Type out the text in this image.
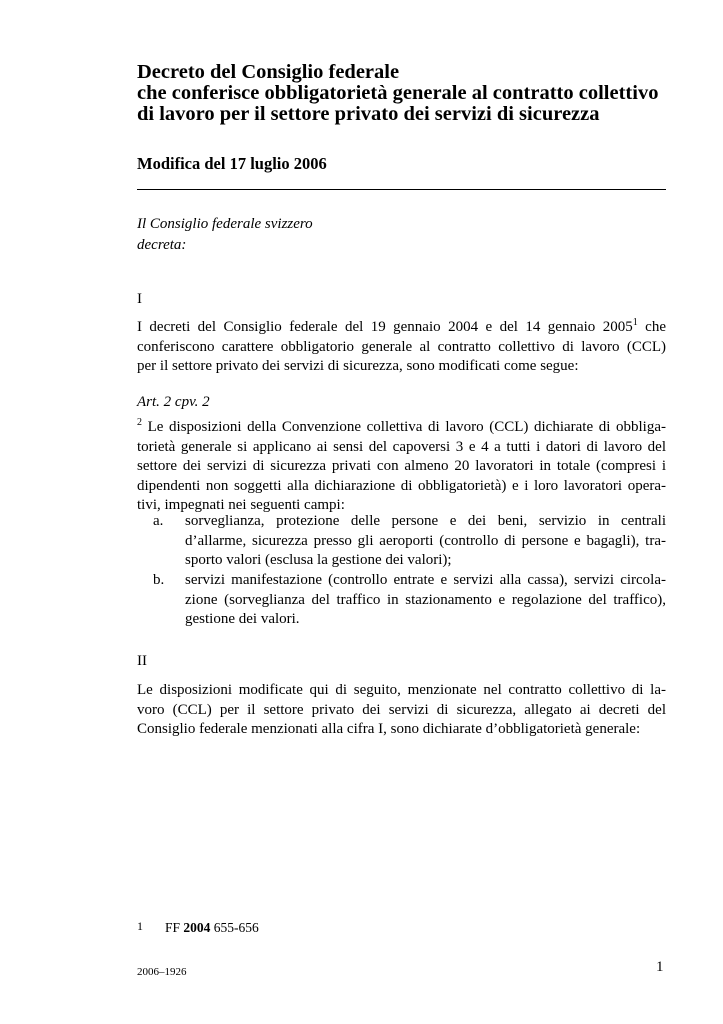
Decreto del Consiglio federale
che conferisce obbligatorietà generale al contratto collettivo
di lavoro per il settore privato dei servizi di sicurezza
Modifica del 17 luglio 2006
Il Consiglio federale svizzero
decreta:
I
I decreti del Consiglio federale del 19 gennaio 2004 e del 14 gennaio 2005$^1$ che
conferiscono carattere obbligatorio generale al contratto collettivo di lavoro (CCL)
per il settore privato dei servizi di sicurezza, sono modificati come segue:
Art. 2 cpv. 2
$^2$ Le disposizioni della Convenzione collettiva di lavoro (CCL) dichiarate di obbliga-
torietà generale si applicano ai sensi del capoversi 3 e 4 a tutti i datori di lavoro del
settore dei servizi di sicurezza privati con almeno 20 lavoratori in totale (compresi i
dipendenti non soggetti alla dichiarazione di obbligatorietà) e i loro lavoratori opera-
tivi, impegnati nei seguenti campi:
a. sorveglianza, protezione delle persone e dei beni, servizio in centrali
d’allarme, sicurezza presso gli aeroporti (controllo di persone e bagagli), tra-
sporto valori (esclusa la gestione dei valori);
b. servizi manifestazione (controllo entrate e servizi alla cassa), servizi circola-
zione (sorveglianza del traffico in stazionamento e regolazione del traffico),
gestione dei valori.
II
Le disposizioni modificate qui di seguito, menzionate nel contratto collettivo di la-
voro (CCL) per il settore privato dei servizi di sicurezza, allegato ai decreti del
Consiglio federale menzionati alla cifra I, sono dichiarate d’obbligatorietà generale:
1 FF 2004 655-656
2006–1926	1
